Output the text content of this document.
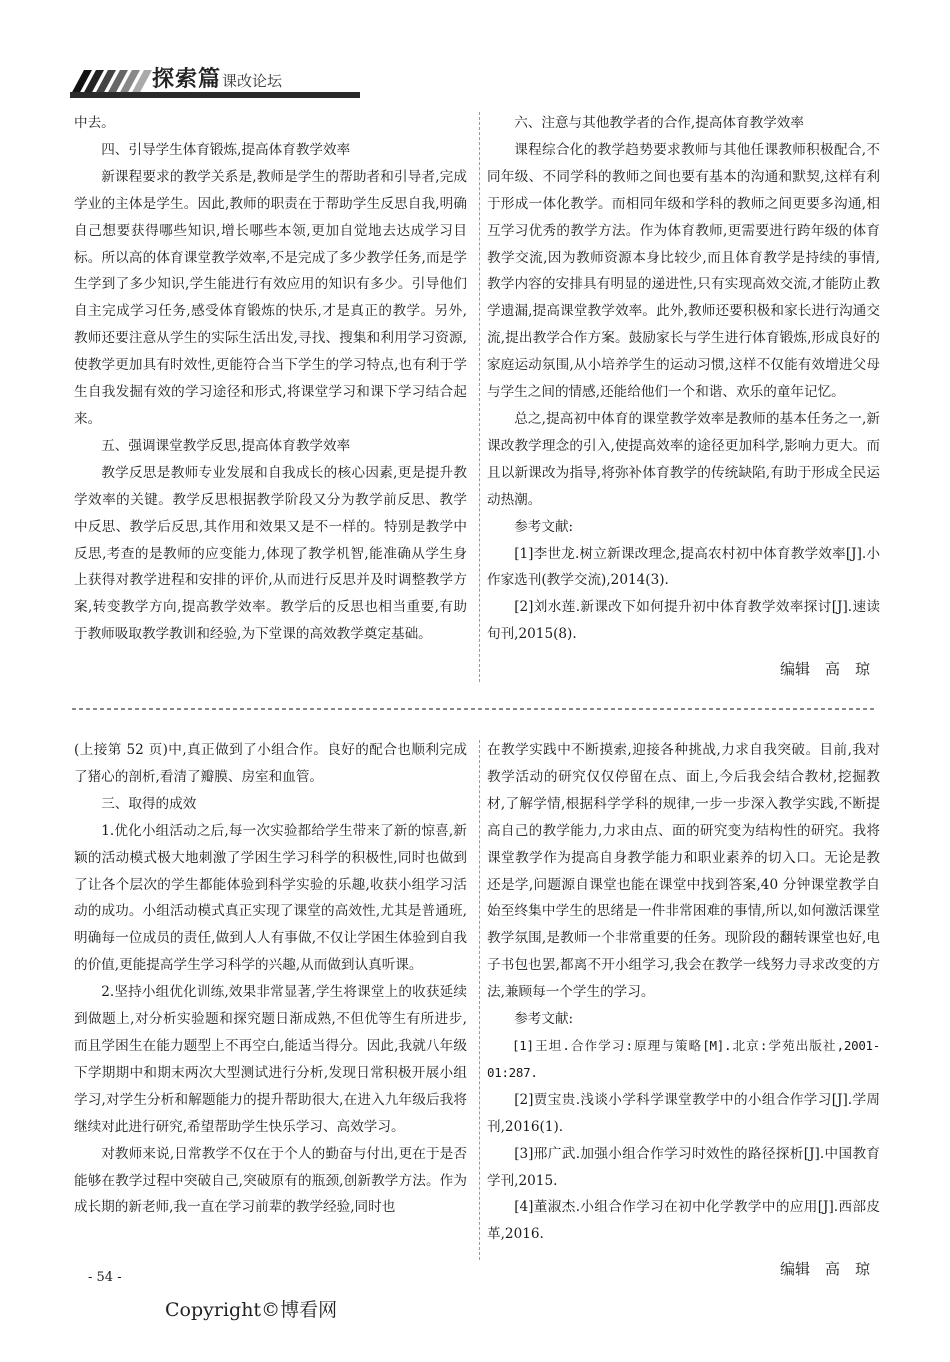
探索篇 课改论坛

中去。

四、引导学生体育锻炼,提高体育教学效率

新课程要求的教学关系是,教师是学生的帮助者和引导者,完成学业的主体是学生。因此,教师的职责在于帮助学生反思自我,明确自己想要获得哪些知识,增长哪些本领,更加自觉地去达成学习目标。所以高的体育课堂教学效率,不是完成了多少教学任务,而是学生学到了多少知识,学生能进行有效应用的知识有多少。引导他们自主完成学习任务,感受体育锻炼的快乐,才是真正的教学。另外,教师还要注意从学生的实际生活出发,寻找、搜集和利用学习资源,使教学更加具有时效性,更能符合当下学生的学习特点,也有利于学生自我发掘有效的学习途径和形式,将课堂学习和课下学习结合起来。

五、强调课堂教学反思,提高体育教学效率

教学反思是教师专业发展和自我成长的核心因素,更是提升教学效率的关键。教学反思根据教学阶段又分为教学前反思、教学中反思、教学后反思,其作用和效果又是不一样的。特别是教学中反思,考查的是教师的应变能力,体现了教学机智,能准确从学生身上获得对教学进程和安排的评价,从而进行反思并及时调整教学方案,转变教学方向,提高教学效率。教学后的反思也相当重要,有助于教师吸取教学教训和经验,为下堂课的高效教学奠定基础。

六、注意与其他教学者的合作,提高体育教学效率

课程综合化的教学趋势要求教师与其他任课教师积极配合,不同年级、不同学科的教师之间也要有基本的沟通和默契,这样有利于形成一体化教学。而相同年级和学科的教师之间更要多沟通,相互学习优秀的教学方法。作为体育教师,更需要进行跨年级的体育教学交流,因为教师资源本身比较少,而且体育教学是持续的事情,教学内容的安排具有明显的递进性,只有实现高效交流,才能防止教学遗漏,提高课堂教学效率。此外,教师还要积极和家长进行沟通交流,提出教学合作方案。鼓励家长与学生进行体育锻炼,形成良好的家庭运动氛围,从小培养学生的运动习惯,这样不仅能有效增进父母与学生之间的情感,还能给他们一个和谐、欢乐的童年记忆。

总之,提高初中体育的课堂教学效率是教师的基本任务之一,新课改教学理念的引入,使提高效率的途径更加科学,影响力更大。而且以新课改为指导,将弥补体育教学的传统缺陷,有助于形成全民运动热潮。

参考文献:

[1]李世龙.树立新课改理念,提高农村初中体育教学效率[J].小作家选刊(教学交流),2014(3).

[2]刘水莲.新课改下如何提升初中体育教学效率探讨[J].速读旬刊,2015(8).

编辑　高　琼

(上接第 52 页)中,真正做到了小组合作。良好的配合也顺利完成了猪心的剖析,看清了瓣膜、房室和血管。

三、取得的成效

1.优化小组活动之后,每一次实验都给学生带来了新的惊喜,新颖的活动模式极大地刺激了学困生学习科学的积极性,同时也做到了让各个层次的学生都能体验到科学实验的乐趣,收获小组学习活动的成功。小组活动模式真正实现了课堂的高效性,尤其是普通班,明确每一位成员的责任,做到人人有事做,不仅让学困生体验到自我的价值,更能提高学生学习科学的兴趣,从而做到认真听课。

2.坚持小组优化训练,效果非常显著,学生将课堂上的收获延续到做题上,对分析实验题和探究题日渐成熟,不但优等生有所进步,而且学困生在能力题型上不再空白,能适当得分。因此,我就八年级下学期期中和期末两次大型测试进行分析,发现日常积极开展小组学习,对学生分析和解题能力的提升帮助很大,在进入九年级后我将继续对此进行研究,希望帮助学生快乐学习、高效学习。

对教师来说,日常教学不仅在于个人的勤奋与付出,更在于是否能够在教学过程中突破自己,突破原有的瓶颈,创新教学方法。作为成长期的新老师,我一直在学习前辈的教学经验,同时也

在教学实践中不断摸索,迎接各种挑战,力求自我突破。目前,我对教学活动的研究仅仅停留在点、面上,今后我会结合教材,挖掘教材,了解学情,根据科学学科的规律,一步一步深入教学实践,不断提高自己的教学能力,力求由点、面的研究变为结构性的研究。我将课堂教学作为提高自身教学能力和职业素养的切入口。无论是教还是学,问题源自课堂也能在课堂中找到答案,40 分钟课堂教学自始至终集中学生的思绪是一件非常困难的事情,所以,如何激活课堂教学氛围,是教师一个非常重要的任务。现阶段的翻转课堂也好,电子书包也罢,都离不开小组学习,我会在教学一线努力寻求改变的方法,兼顾每一个学生的学习。

参考文献:

[1]王坦.合作学习:原理与策略[M].北京:学苑出版社,2001-01:287.

[2]贾宝贵.浅谈小学科学课堂教学中的小组合作学习[J].学周刊,2016(1).

[3]邢广武.加强小组合作学习时效性的路径探析[J].中国教育学刊,2015.

[4]董淑杰.小组合作学习在初中化学教学中的应用[J].西部皮革,2016.

编辑　高　琼
- 54 -
Copyright©博看网
